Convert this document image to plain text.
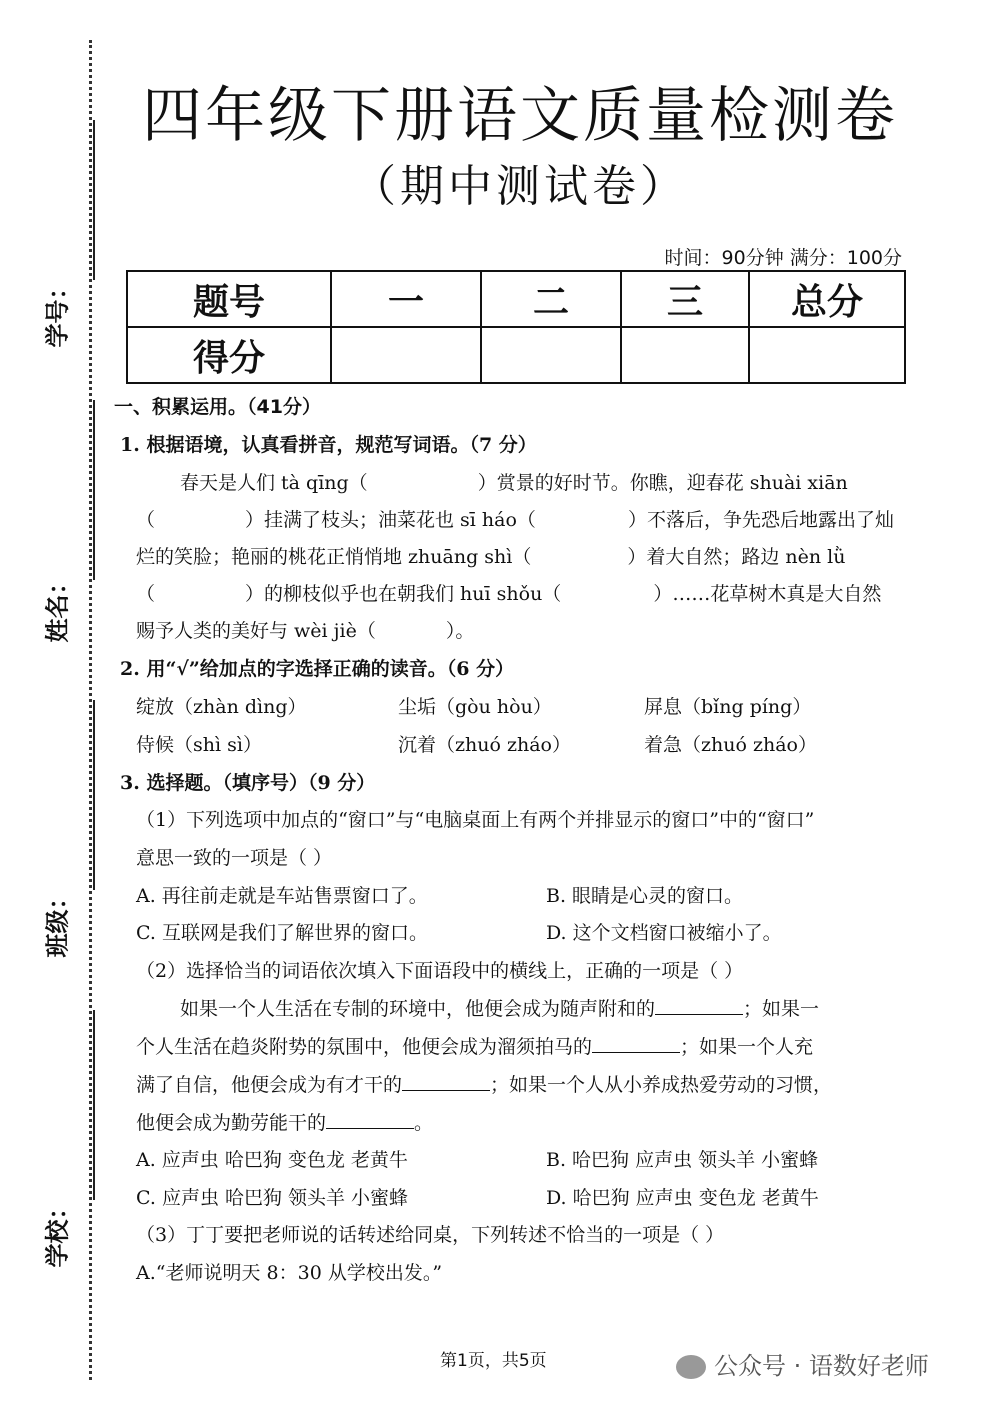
学号：
姓名：
班级：
学校：
四年级下册语文质量检测卷
（期中测试卷）
时间：90分钟 满分：100分
题号	一	二	三	总分
得分				
一、积累运用。（41分）
1. 根据语境，认真看拼音，规范写词语。（7 分）
春天是人们 tà qīng（	）赏景的好时节。你瞧，迎春花 shuài xiān
（	）挂满了枝头；油菜花也 sī háo（	）不落后，争先恐后地露出了灿
烂的笑脸；艳丽的桃花正悄悄地 zhuāng shì（	）着大自然；路边 nèn lǜ
（	）的柳枝似乎也在朝我们 huī shǒu（	）……花草树木真是大自然
赐予人类的美好与 wèi jiè（	）。
2. 用“√”给加点的字选择正确的读音。（6 分）
绽放（zhàn dìng）	尘垢（gòu hòu）	屏息（bǐng píng）
侍候（shì sì）	沉着（zhuó zháo）	着急（zhuó zháo）
3. 选择题。（填序号）（9 分）
（1）下列选项中加点的“窗口”与“电脑桌面上有两个并排显示的窗口”中的“窗口”
意思一致的一项是（ ）
A. 再往前走就是车站售票窗口了。	B. 眼睛是心灵的窗口。
C. 互联网是我们了解世界的窗口。	D. 这个文档窗口被缩小了。
（2）选择恰当的词语依次填入下面语段中的横线上，正确的一项是（ ）
如果一个人生活在专制的环境中，他便会成为随声附和的	；如果一
个人生活在趋炎附势的氛围中，他便会成为溜须拍马的	；如果一个人充
满了自信，他便会成为有才干的	；如果一个人从小养成热爱劳动的习惯，
他便会成为勤劳能干的	。
A. 应声虫 哈巴狗 变色龙 老黄牛	B. 哈巴狗 应声虫 领头羊 小蜜蜂
C. 应声虫 哈巴狗 领头羊 小蜜蜂	D. 哈巴狗 应声虫 变色龙 老黄牛
（3）丁丁要把老师说的话转述给同桌，下列转述不恰当的一项是（ ）
A.“老师说明天 8：30 从学校出发。”
第1页，共5页	公众号 · 语数好老师
